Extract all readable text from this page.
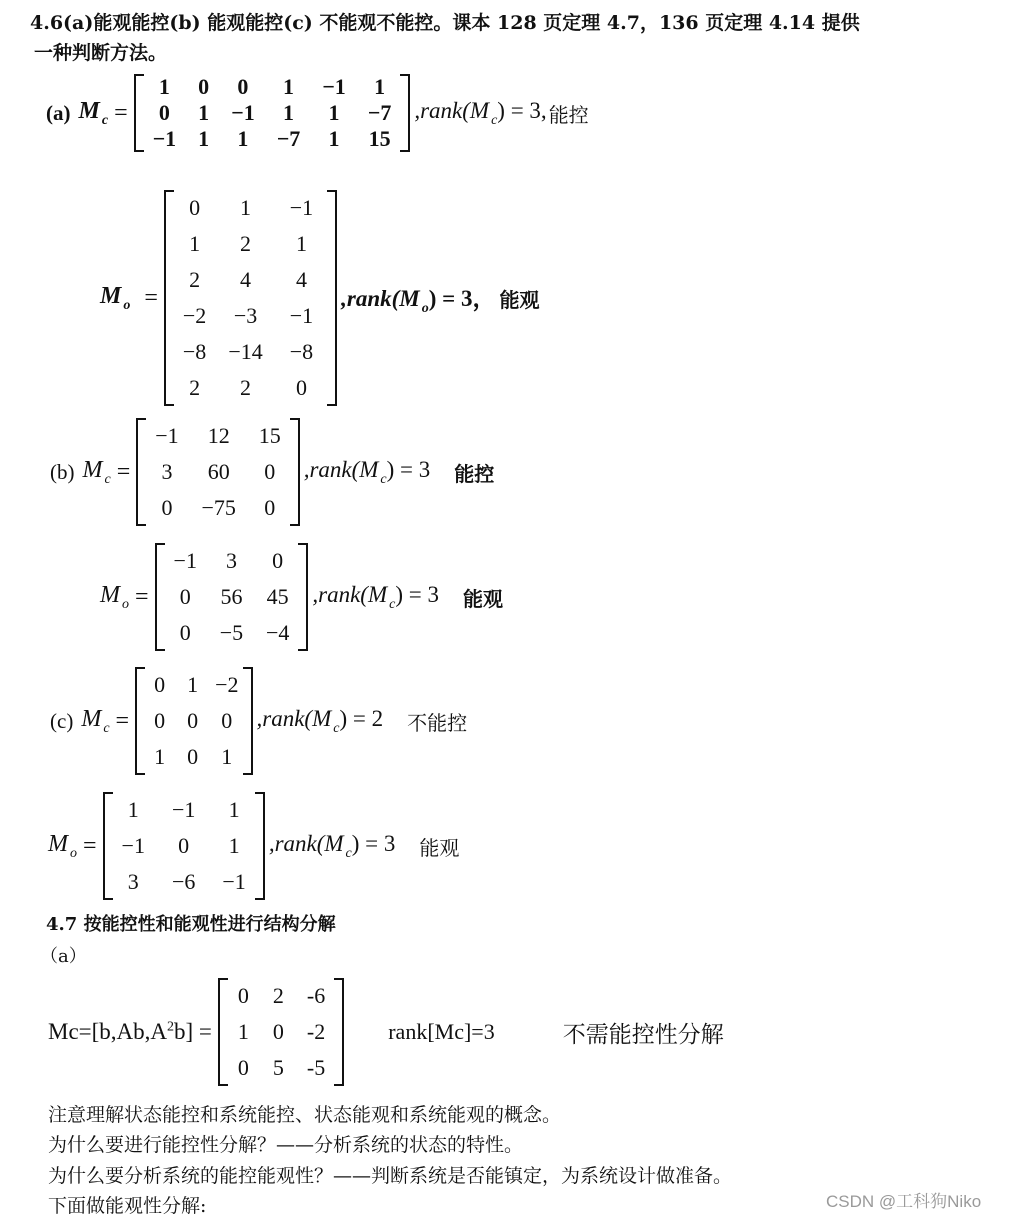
4.6(a)能观能控(b) 能观能控(c) 不能观不能控。课本 128 页定理 4.7，136 页定理 4.14 提供
一种判断方法。
(a) M $_c$ =
1	0	0	1	−1	1
0	1	−1	1	1	−7
−1	1	1	−7	1	15
,rank(M $_c$) = 3, 能控
M $_o$ =
0	1	−1
1	2	1
2	4	4
−2	−3	−1
−8	−14	−8
2	2	0
,rank(M $_o$) = 3， 能观
(b) M $_c$ =
−1	12	15
3	60	0
0	−75	0
,rank(M $_c$) = 3 能控
M $_o$ =
−1	3	0
0	56	45
0	−5	−4
,rank(M $_c$) = 3 能观
(c) M $_c$ =
0	1	−2
0	0	0
1	0	1
,rank(M $_c$) = 2 不能控
M $_o$ =
1	−1	1
−1	0	1
3	−6	−1
,rank(M $_c$) = 3 能观
4.7 按能控性和能观性进行结构分解
（a）
$Mc=[b,Ab,A^2b]$ =
0	2	-6
1	0	-2
0	5	-5
rank[Mc]=3	不需能控性分解
注意理解状态能控和系统能控、状态能观和系统能观的概念。
为什么要进行能控性分解？——分析系统的状态的特性。
为什么要分析系统的能控能观性？——判断系统是否能镇定，为系统设计做准备。
下面做能观性分解:	CSDN @工科狗Niko
